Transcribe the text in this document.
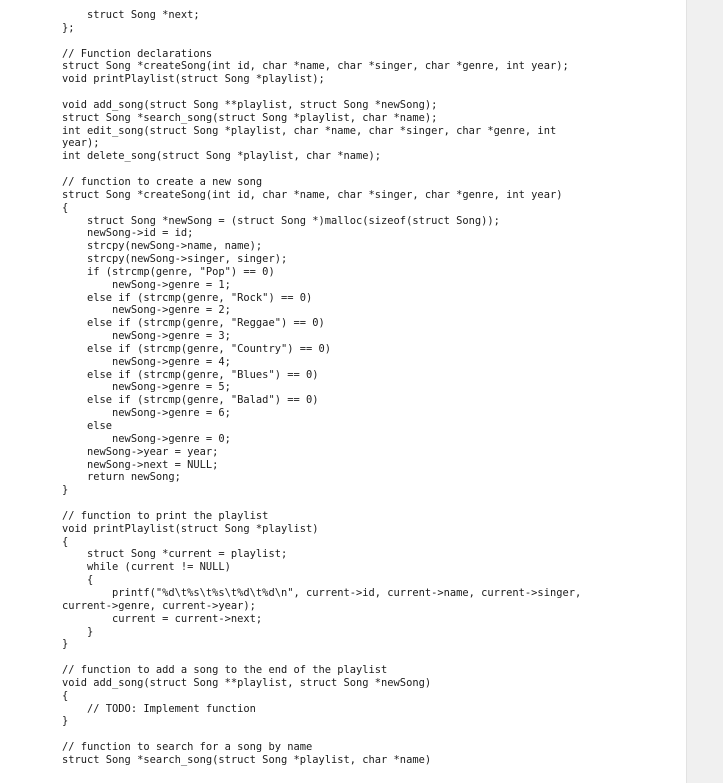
struct Song *next;
};
// Function declarations
struct Song *createSong(int id, char *name, char *singer, char *genre, int year);
void printPlaylist(struct Song *playlist);
void add_song(struct Song **playlist, struct Song *newSong);
struct Song *search_song(struct Song *playlist, char *name);
int edit_song(struct Song *playlist, char *name, char *singer, char *genre, int
year);
int delete_song(struct Song *playlist, char *name);
// function to create a new song
struct Song *createSong(int id, char *name, char *singer, char *genre, int year)
{
struct Song *newSong = (struct Song *)malloc(sizeof(struct Song));
newSong->id = id;
strcpy(newSong->name, name);
strcpy(newSong->singer, singer);
if (strcmp(genre, "Pop") == 0)
newSong->genre = 1;
else if (strcmp(genre, "Rock") == 0)
newSong->genre = 2;
else if (strcmp(genre, "Reggae") == 0)
newSong->genre = 3;
else if (strcmp(genre, "Country") == 0)
newSong->genre = 4;
else if (strcmp(genre, "Blues") == 0)
newSong->genre = 5;
else if (strcmp(genre, "Balad") == 0)
newSong->genre = 6;
else
newSong->genre = 0;
newSong->year = year;
newSong->next = NULL;
return newSong;
}
// function to print the playlist
void printPlaylist(struct Song *playlist)
{
struct Song *current = playlist;
while (current != NULL)
{
printf("%d\t%s\t%s\t%d\t%d\n", current->id, current->name, current->singer,
current->genre, current->year);
current = current->next;
}
}
// function to add a song to the end of the playlist
void add_song(struct Song **playlist, struct Song *newSong)
{
// TODO: Implement function
}
// function to search for a song by name
struct Song *search_song(struct Song *playlist, char *name)
